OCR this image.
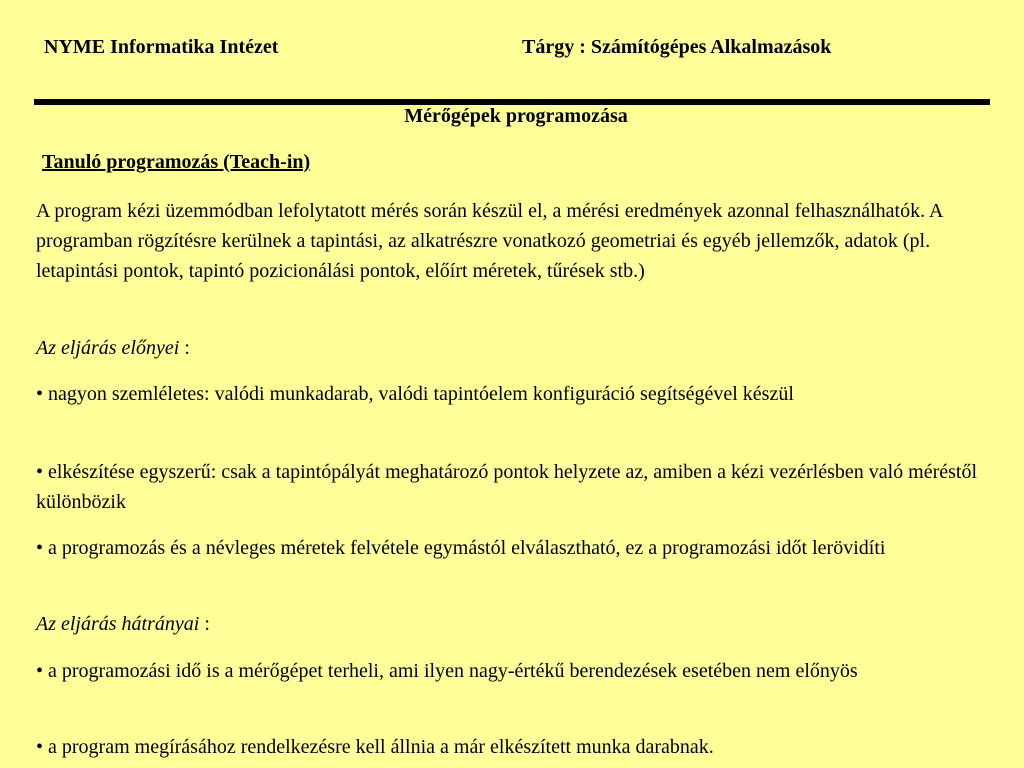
NYME Informatika Intézet	Tárgy : Számítógépes Alkalmazások
Mérőgépek programozása
Tanuló programozás (Teach-in)

A program kézi üzemmódban lefolytatott mérés során készül el, a mérési eredmények azonnal felhasználhatók. A programban rögzítésre kerülnek a tapintási, az alkatrészre vonatkozó geometriai és egyéb jellemzők, adatok (pl. letapintási pontok, tapintó pozicionálási pontok, előírt méretek, tűrések stb.)

Az eljárás előnyei :

• nagyon szemléletes: valódi munkadarab, valódi tapintóelem konfiguráció segítségével készül

• elkészítése egyszerű: csak a tapintópályát meghatározó pontok helyzete az, amiben a kézi vezérlésben való méréstől különbözik

• a programozás és a névleges méretek felvétele egymástól elválasztható, ez a programozási időt lerövidíti

Az eljárás hátrányai :

• a programozási idő is a mérőgépet terheli, ami ilyen nagy-értékű berendezések esetében nem előnyös

• a program megírásához rendelkezésre kell állnia a már elkészített munka darabnak.
